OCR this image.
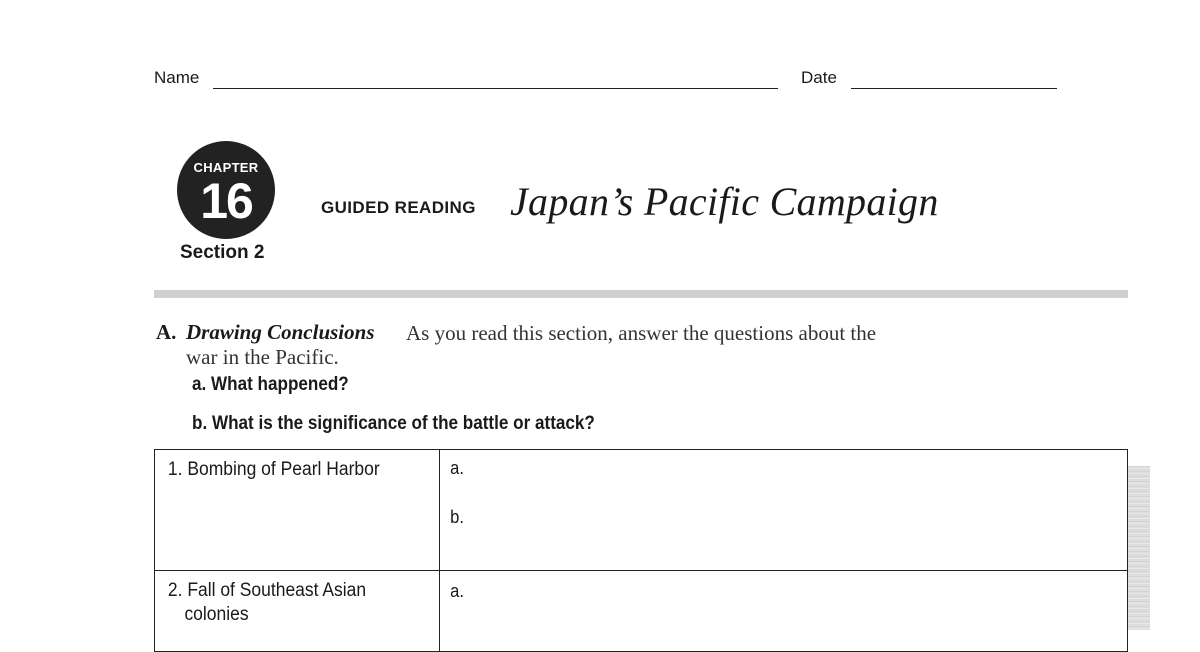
Name	Date
CHAPTER
16
Section 2
GUIDED READING Japan’s Pacific Campaign
A. Drawing Conclusions As you read this section, answer the questions about the
war in the Pacific.
a. What happened?
b. What is the significance of the battle or attack?
1. Bombing of Pearl Harbor	a.
b.

2. Fall of Southeast Asian
colonies	a.
